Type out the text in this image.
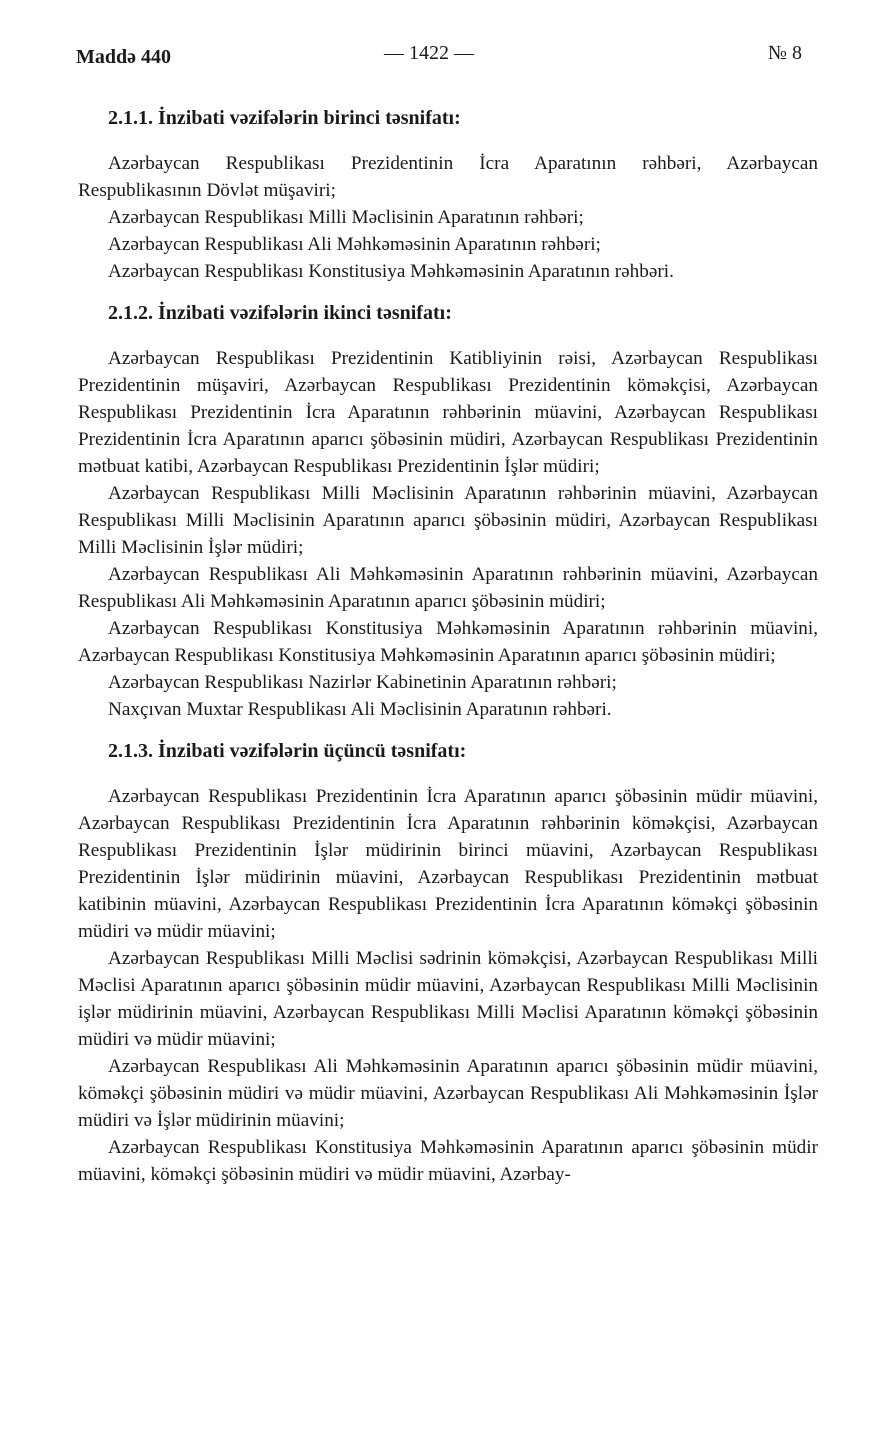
Maddə 440	— 1422 —	№ 8
2.1.1. İnzibati vəzifələrin birinci təsnifatı:

Azərbaycan Respublikası Prezidentinin İcra Aparatının rəhbəri, Azərbaycan Respublikasının Dövlət müşaviri;

Azərbaycan Respublikası Milli Məclisinin Aparatının rəhbəri;

Azərbaycan Respublikası Ali Məhkəməsinin Aparatının rəhbəri;

Azərbaycan Respublikası Konstitusiya Məhkəməsinin Aparatının rəhbəri.

2.1.2. İnzibati vəzifələrin ikinci təsnifatı:

Azərbaycan Respublikası Prezidentinin Katibliyinin rəisi, Azərbaycan Respublikası Prezidentinin müşaviri, Azərbaycan Respublikası Prezidentinin köməkçisi, Azərbaycan Respublikası Prezidentinin İcra Aparatının rəhbərinin müavini, Azərbaycan Respublikası Prezidentinin İcra Aparatının aparıcı şöbəsinin müdiri, Azərbaycan Respublikası Prezidentinin mətbuat katibi, Azərbaycan Respublikası Prezidentinin İşlər müdiri;

Azərbaycan Respublikası Milli Məclisinin Aparatının rəhbərinin müavini, Azərbaycan Respublikası Milli Məclisinin Aparatının aparıcı şöbəsinin müdiri, Azərbaycan Respublikası Milli Məclisinin İşlər müdiri;

Azərbaycan Respublikası Ali Məhkəməsinin Aparatının rəhbərinin müavini, Azərbaycan Respublikası Ali Məhkəməsinin Aparatının aparıcı şöbəsinin müdiri;

Azərbaycan Respublikası Konstitusiya Məhkəməsinin Aparatının rəhbərinin müavini, Azərbaycan Respublikası Konstitusiya Məhkəməsinin Aparatının aparıcı şöbəsinin müdiri;

Azərbaycan Respublikası Nazirlər Kabinetinin Aparatının rəhbəri;

Naxçıvan Muxtar Respublikası Ali Məclisinin Aparatının rəhbəri.

2.1.3. İnzibati vəzifələrin üçüncü təsnifatı:

Azərbaycan Respublikası Prezidentinin İcra Aparatının aparıcı şöbəsinin müdir müavini, Azərbaycan Respublikası Prezidentinin İcra Aparatının rəhbərinin köməkçisi, Azərbaycan Respublikası Prezidentinin İşlər müdirinin birinci müavini, Azərbaycan Respublikası Prezidentinin İşlər müdirinin müavini, Azərbaycan Respublikası Prezidentinin mətbuat katibinin müavini, Azərbaycan Respublikası Prezidentinin İcra Aparatının köməkçi şöbəsinin müdiri və müdir müavini;

Azərbaycan Respublikası Milli Məclisi sədrinin köməkçisi, Azərbaycan Respublikası Milli Məclisi Aparatının aparıcı şöbəsinin müdir müavini, Azərbaycan Respublikası Milli Məclisinin işlər müdirinin müavini, Azərbaycan Respublikası Milli Məclisi Aparatının köməkçi şöbəsinin müdiri və müdir müavini;

Azərbaycan Respublikası Ali Məhkəməsinin Aparatının aparıcı şöbəsinin müdir müavini, köməkçi şöbəsinin müdiri və müdir müavini, Azərbaycan Respublikası Ali Məhkəməsinin İşlər müdiri və İşlər müdirinin müavini;

Azərbaycan Respublikası Konstitusiya Məhkəməsinin Aparatının aparıcı şöbəsinin müdir müavini, köməkçi şöbəsinin müdiri və müdir müavini, Azərbay-
